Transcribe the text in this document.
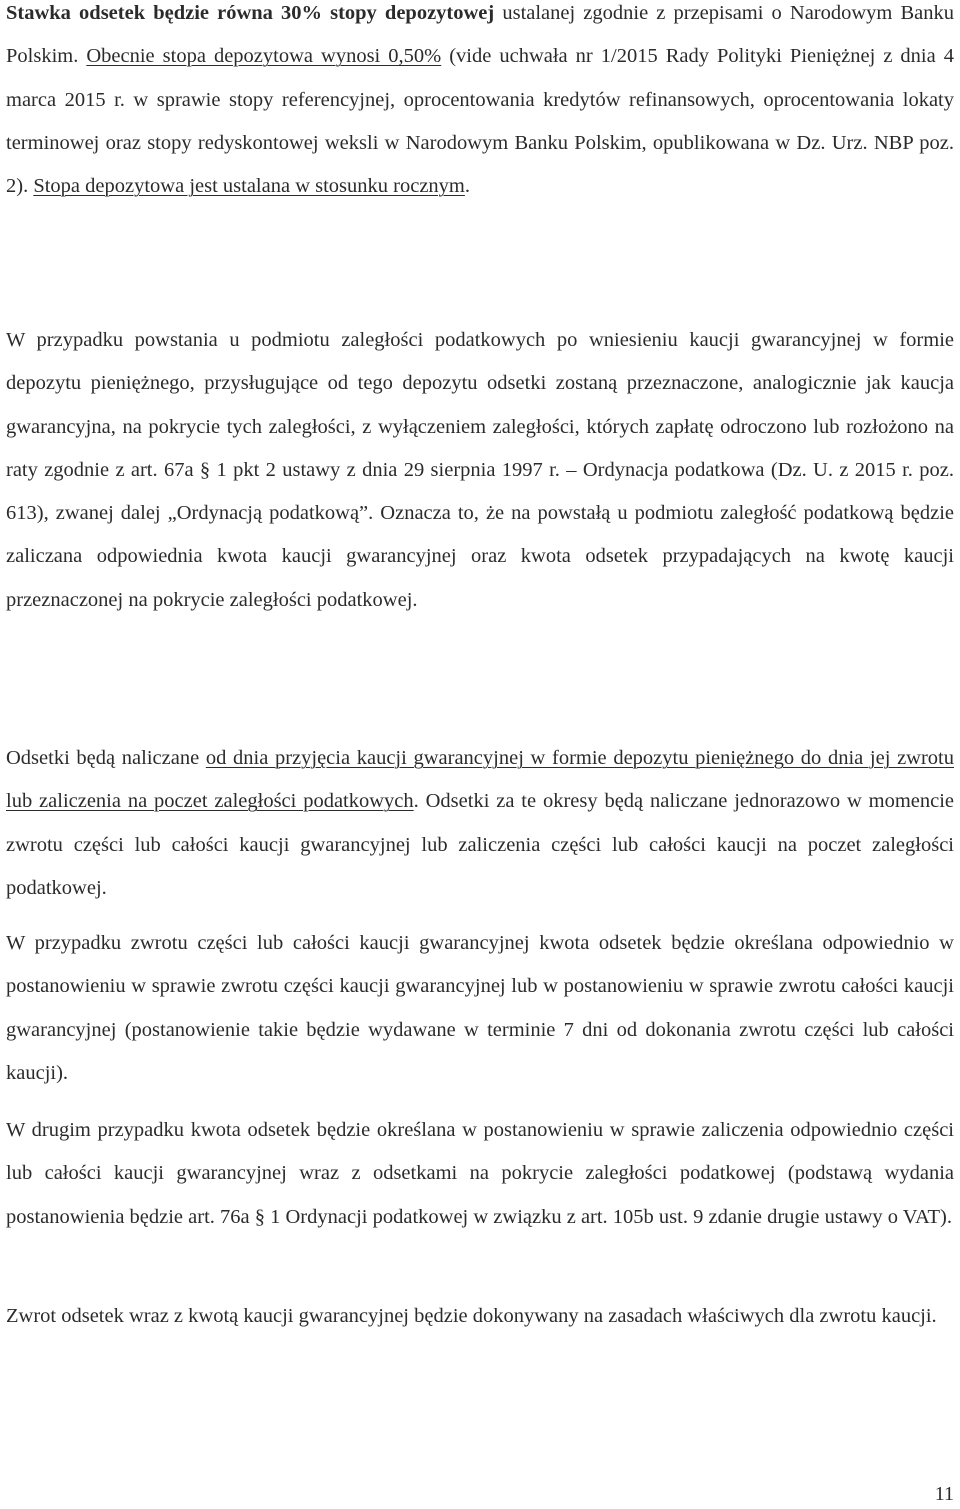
Stawka odsetek będzie równa 30% stopy depozytowej ustalanej zgodnie z przepisami o Narodowym Banku Polskim. Obecnie stopa depozytowa wynosi 0,50% (vide uchwała nr 1/2015 Rady Polityki Pieniężnej z dnia 4 marca 2015 r. w sprawie stopy referencyjnej, oprocentowania kredytów refinansowych, oprocentowania lokaty terminowej oraz stopy redyskontowej weksli w Narodowym Banku Polskim, opublikowana w Dz. Urz. NBP poz. 2). Stopa depozytowa jest ustalana w stosunku rocznym.
W przypadku powstania u podmiotu zaległości podatkowych po wniesieniu kaucji gwarancyjnej w formie depozytu pieniężnego, przysługujące od tego depozytu odsetki zostaną przeznaczone, analogicznie jak kaucja gwarancyjna, na pokrycie tych zaległości, z wyłączeniem zaległości, których zapłatę odroczono lub rozłożono na raty zgodnie z art. 67a § 1 pkt 2 ustawy z dnia 29 sierpnia 1997 r. – Ordynacja podatkowa (Dz. U. z 2015 r. poz. 613), zwanej dalej „Ordynacją podatkową”. Oznacza to, że na powstałą u podmiotu zaległość podatkową będzie zaliczana odpowiednia kwota kaucji gwarancyjnej oraz kwota odsetek przypadających na kwotę kaucji przeznaczonej na pokrycie zaległości podatkowej.
Odsetki będą naliczane od dnia przyjęcia kaucji gwarancyjnej w formie depozytu pieniężnego do dnia jej zwrotu lub zaliczenia na poczet zaległości podatkowych. Odsetki za te okresy będą naliczane jednorazowo w momencie zwrotu części lub całości kaucji gwarancyjnej lub zaliczenia części lub całości kaucji na poczet zaległości podatkowej.
W przypadku zwrotu części lub całości kaucji gwarancyjnej kwota odsetek będzie określana odpowiednio w postanowieniu w sprawie zwrotu części kaucji gwarancyjnej lub w postanowieniu w sprawie zwrotu całości kaucji gwarancyjnej (postanowienie takie będzie wydawane w terminie 7 dni od dokonania zwrotu części lub całości kaucji).
W drugim przypadku kwota odsetek będzie określana w postanowieniu w sprawie zaliczenia odpowiednio części lub całości kaucji gwarancyjnej wraz z odsetkami na pokrycie zaległości podatkowej (podstawą wydania postanowienia będzie art. 76a § 1 Ordynacji podatkowej w związku z art. 105b ust. 9 zdanie drugie ustawy o VAT).
Zwrot odsetek wraz z kwotą kaucji gwarancyjnej będzie dokonywany na zasadach właściwych dla zwrotu kaucji.
11
